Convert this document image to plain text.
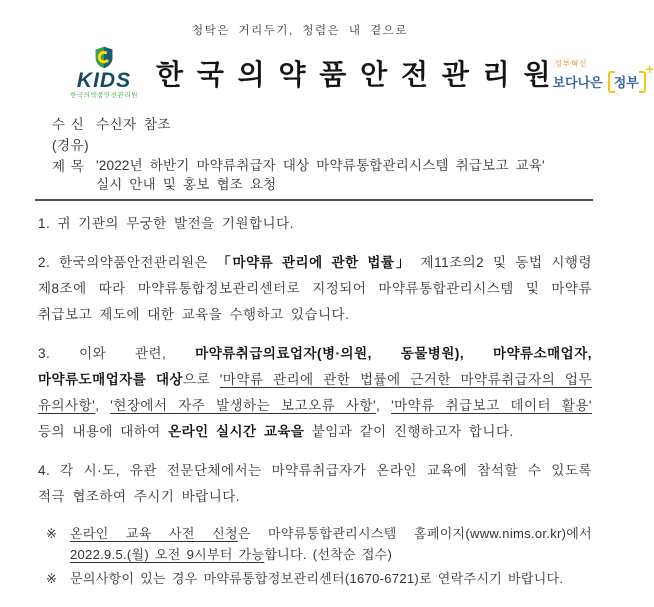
청탁은 거리두기, 청렴은 내 곁으로
KIDS
한국의약품안전관리원
한 국 의 약 품 안 전 관 리 원 정부혁신
보다나은 정부
+
수 신 수신자 참조
(경유)
제 목 '2022년 하반기 마약류취급자 대상 마약류통합관리시스템 취급보고 교육'
실시 안내 및 홍보 협조 요청

1. 귀 기관의 무궁한 발전을 기원합니다.

2. 한국의약품안전관리원은 「마약류 관리에 관한 법률」 제11조의2 및 동법 시행령 제8조에 따라 마약류통합정보관리센터로 지정되어 마약류통합관리시스템 및 마약류 취급보고 제도에 대한 교육을 수행하고 있습니다.

3. 이와 관련, 마약류취급의료업자(병·의원, 동물병원), 마약류소매업자, 마약류도매업자를 대상으로 '마약류 관리에 관한 법률에 근거한 마약류취급자의 업무 유의사항', '현장에서 자주 발생하는 보고오류 사항', '마약류 취급보고 데이터 활용' 등의 내용에 대하여 온라인 실시간 교육을 붙임과 같이 진행하고자 합니다.

4. 각 시·도, 유관 전문단체에서는 마약류취급자가 온라인 교육에 참석할 수 있도록 적극 협조하여 주시기 바랍니다.

※ 온라인 교육 사전 신청은 마약류통합관리시스템 홈페이지(www.nims.or.kr)에서 2022.9.5.(월) 오전 9시부터 가능합니다. (선착순 접수)
※ 문의사항이 있는 경우 마약류통합정보관리센터(1670-6721)로 연락주시기 바랍니다.
